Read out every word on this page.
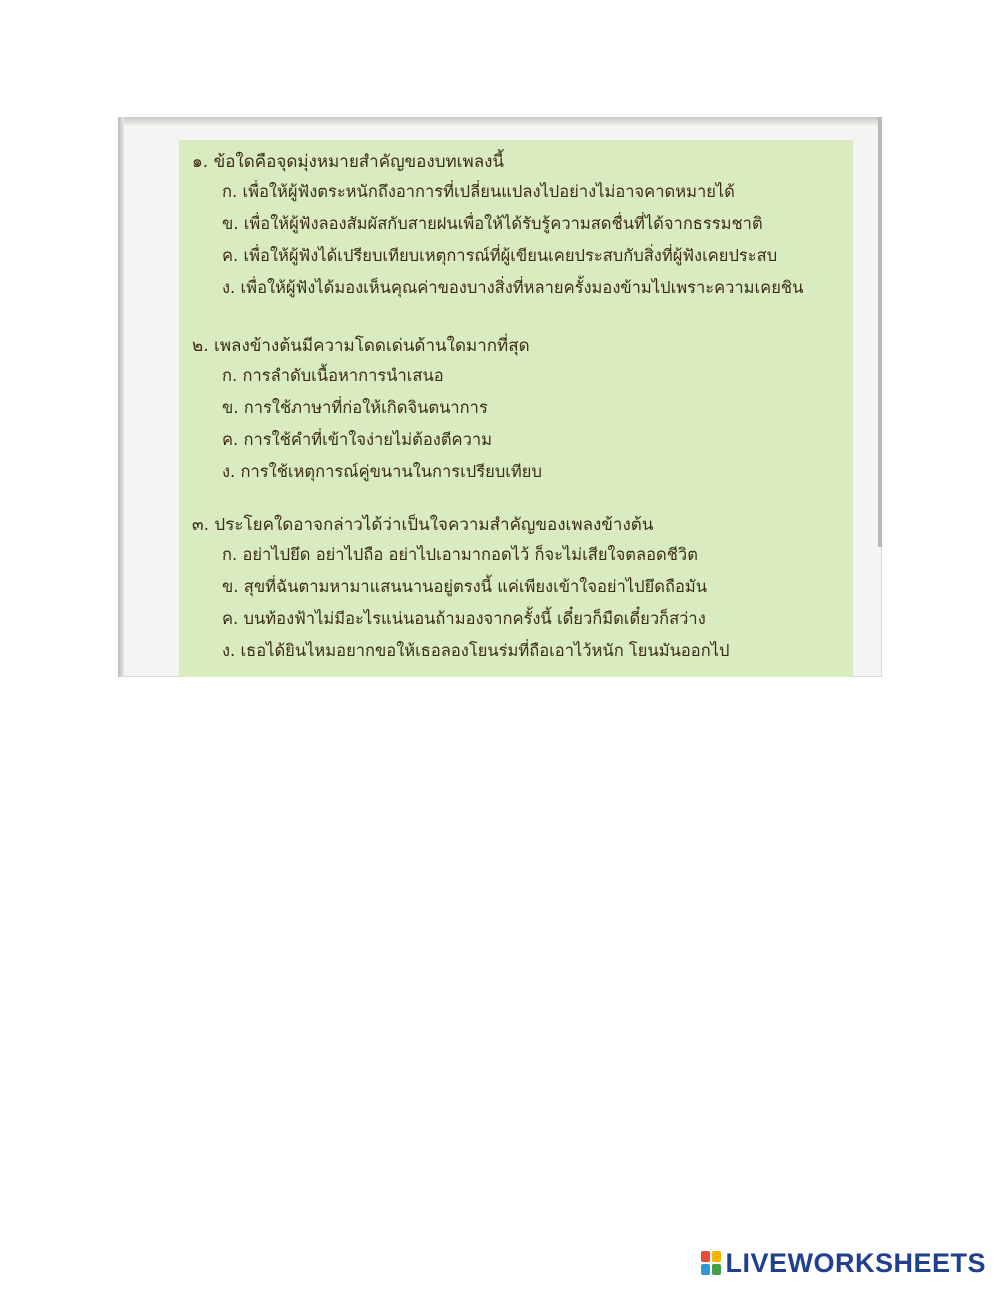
๑. ข้อใดคือจุดมุ่งหมายสำคัญของบทเพลงนี้
ก. เพื่อให้ผู้ฟังตระหนักถึงอาการที่เปลี่ยนแปลงไปอย่างไม่อาจคาดหมายได้
ข. เพื่อให้ผู้ฟังลองสัมผัสกับสายฝนเพื่อให้ได้รับรู้ความสดชื่นที่ได้จากธรรมชาติ
ค. เพื่อให้ผู้ฟังได้เปรียบเทียบเหตุการณ์ที่ผู้เขียนเคยประสบกับสิ่งที่ผู้ฟังเคยประสบ
ง. เพื่อให้ผู้ฟังได้มองเห็นคุณค่าของบางสิ่งที่หลายครั้งมองข้ามไปเพราะความเคยชิน
๒. เพลงข้างต้นมีความโดดเด่นด้านใดมากที่สุด
ก. การลำดับเนื้อหาการนำเสนอ
ข. การใช้ภาษาที่ก่อให้เกิดจินตนาการ
ค. การใช้คำที่เข้าใจง่ายไม่ต้องตีความ
ง. การใช้เหตุการณ์คู่ขนานในการเปรียบเทียบ
๓. ประโยคใดอาจกล่าวได้ว่าเป็นใจความสำคัญของเพลงข้างต้น
ก. อย่าไปยึด อย่าไปถือ อย่าไปเอามากอดไว้ ก็จะไม่เสียใจตลอดชีวิต
ข. สุขที่ฉันตามหามาแสนนานอยู่ตรงนี้ แค่เพียงเข้าใจอย่าไปยึดถือมัน
ค. บนท้องฟ้าไม่มีอะไรแน่นอนถ้ามองจากครั้งนี้ เดี๋ยวก็มืดเดี๋ยวก็สว่าง
ง. เธอได้ยินไหมอยากขอให้เธอลองโยนร่มที่ถือเอาไว้หนัก โยนมันออกไป
LIVEWORKSHEETS
